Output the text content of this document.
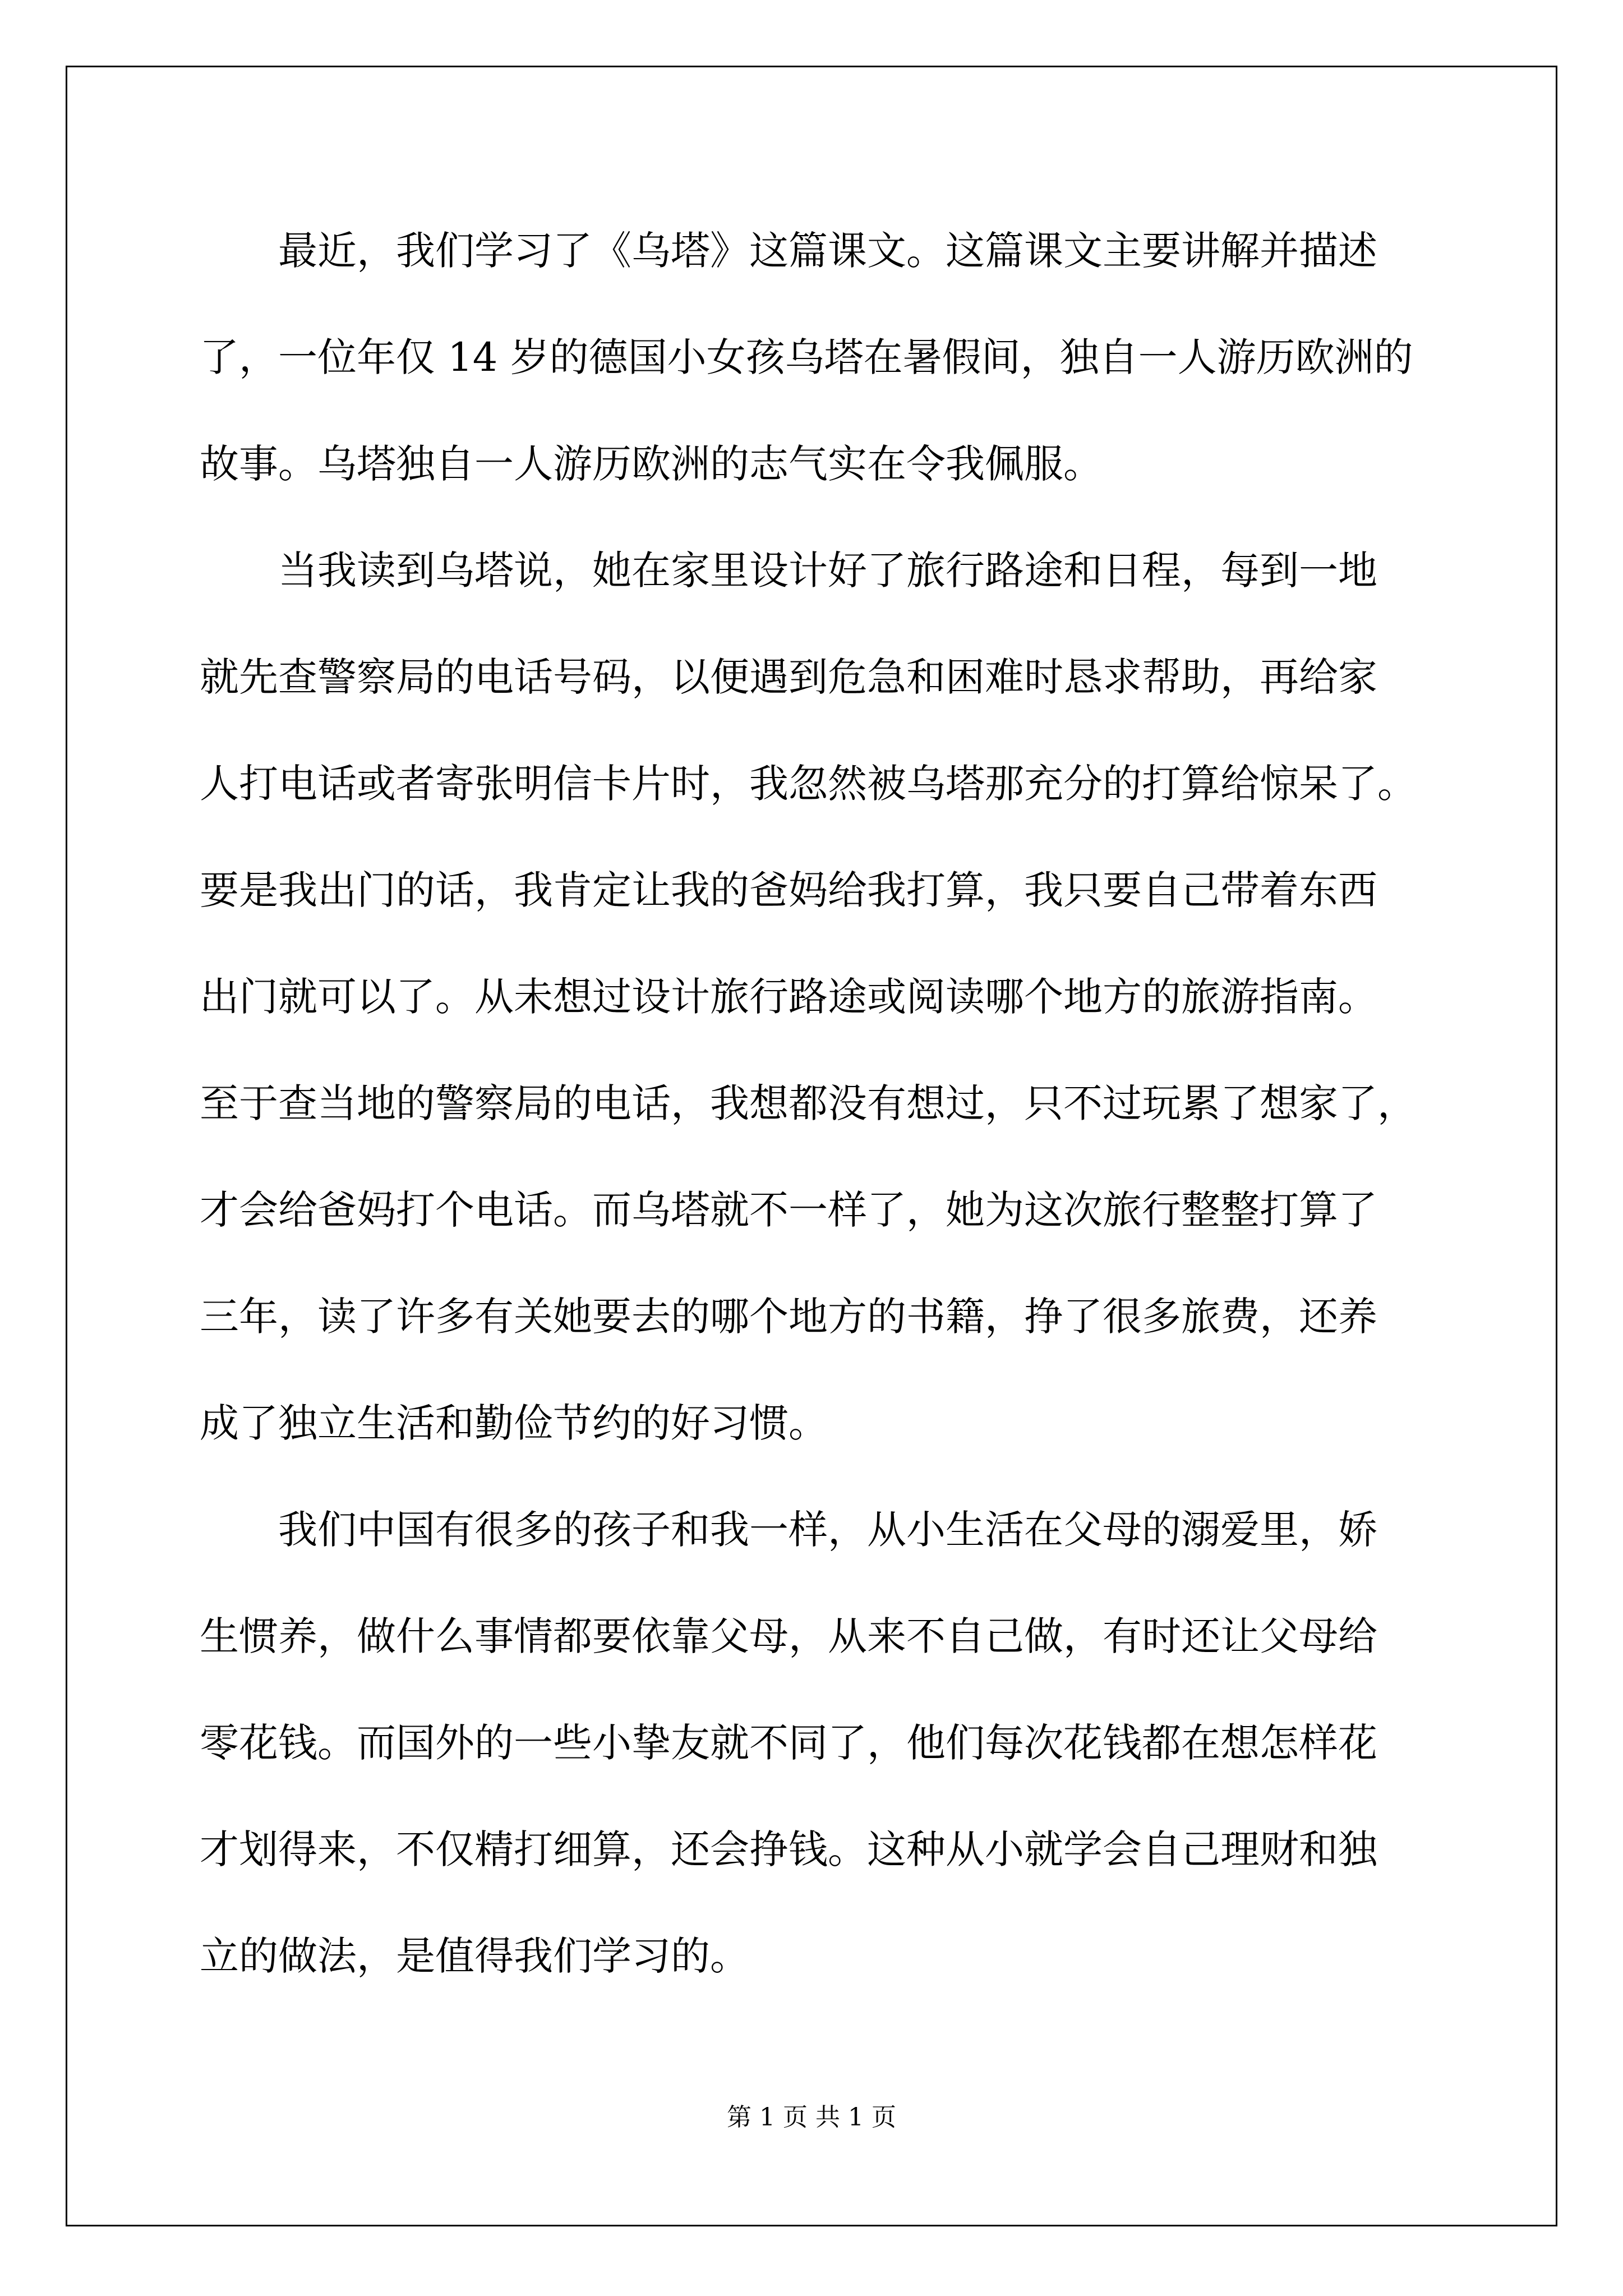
最近，我们学习了《乌塔》这篇课文。这篇课文主要讲解并描述
了，一位年仅 14 岁的德国小女孩乌塔在暑假间，独自一人游历欧洲的
故事。乌塔独自一人游历欧洲的志气实在令我佩服。
当我读到乌塔说，她在家里设计好了旅行路途和日程，每到一地
就先查警察局的电话号码，以便遇到危急和困难时恳求帮助，再给家
人打电话或者寄张明信卡片时，我忽然被乌塔那充分的打算给惊呆了。
要是我出门的话，我肯定让我的爸妈给我打算，我只要自己带着东西
出门就可以了。从未想过设计旅行路途或阅读哪个地方的旅游指南。
至于查当地的警察局的电话，我想都没有想过，只不过玩累了想家了，
才会给爸妈打个电话。而乌塔就不一样了，她为这次旅行整整打算了
三年，读了许多有关她要去的哪个地方的书籍，挣了很多旅费，还养
成了独立生活和勤俭节约的好习惯。
我们中国有很多的孩子和我一样，从小生活在父母的溺爱里，娇
生惯养，做什么事情都要依靠父母，从来不自己做，有时还让父母给
零花钱。而国外的一些小挚友就不同了，他们每次花钱都在想怎样花
才划得来，不仅精打细算，还会挣钱。这种从小就学会自己理财和独
立的做法，是值得我们学习的。
第 1 页 共 1 页
